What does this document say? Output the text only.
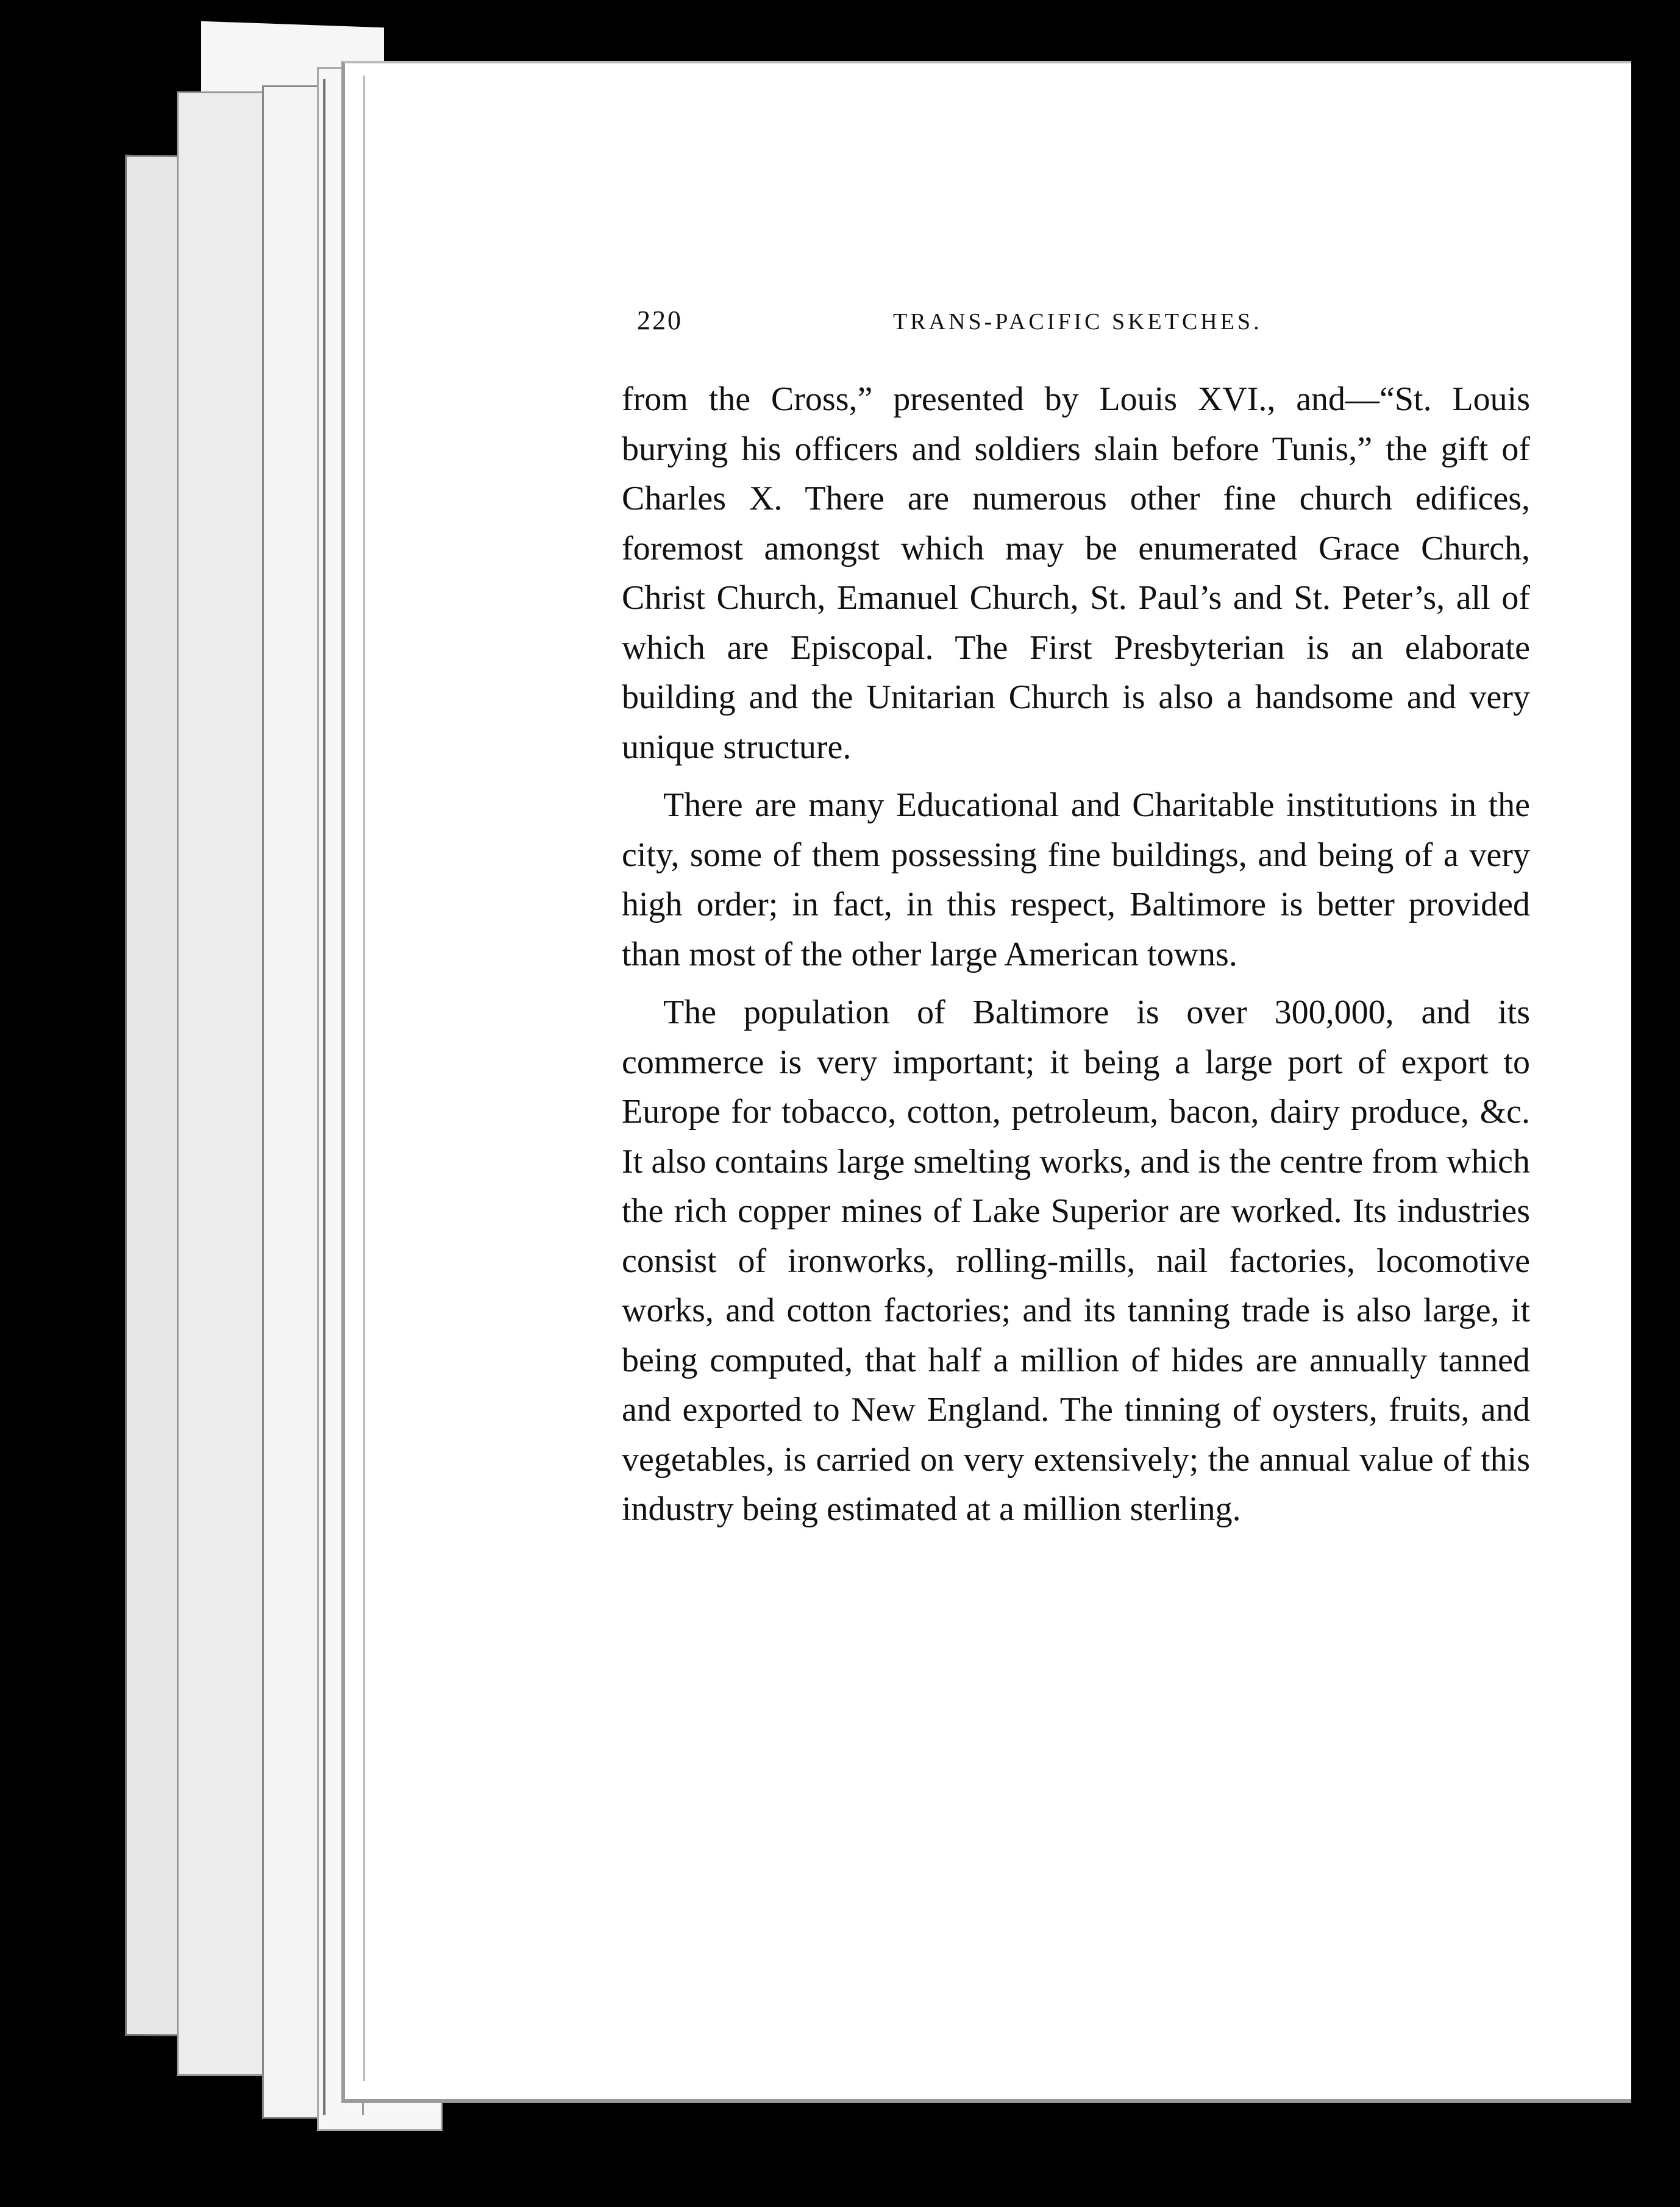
220	TRANS-PACIFIC SKETCHES.

from the Cross,” presented by Louis XVI., and—“St. Louis burying his officers and soldiers slain before Tunis,” the gift of Charles X. There are numerous other fine church edifices, foremost amongst which may be enumerated Grace Church, Christ Church, Emanuel Church, St. Paul’s and St. Peter’s, all of which are Episcopal. The First Presbyterian is an elaborate building and the Unitarian Church is also a handsome and very unique structure.

There are many Educational and Charitable institutions in the city, some of them possessing fine buildings, and being of a very high order; in fact, in this respect, Baltimore is better provided than most of the other large American towns.

The population of Baltimore is over 300,000, and its commerce is very important; it being a large port of export to Europe for tobacco, cotton, petroleum, bacon, dairy produce, &c. It also contains large smelting works, and is the centre from which the rich copper mines of Lake Superior are worked. Its industries consist of ironworks, rolling-mills, nail factories, locomotive works, and cotton factories; and its tanning trade is also large, it being computed, that half a million of hides are annually tanned and exported to New England. The tinning of oysters, fruits, and vegetables, is carried on very extensively; the annual value of this industry being estimated at a million sterling.
